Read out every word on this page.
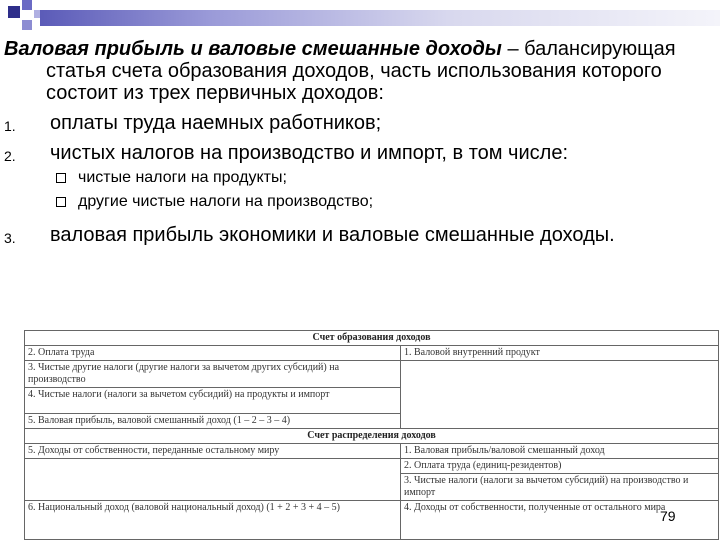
Валовая прибыль и валовые смешанные доходы – балансирующая статья счета образования доходов, часть использования которого состоит из трех первичных доходов:

1. оплаты труда наемных работников;
2. чистых налогов на производство и импорт, в том числе:
чистые налоги на продукты;
другие чистые налоги на производство;
3. валовая прибыль экономики и валовые смешанные доходы.
Счет образования доходов	
2. Оплата труда	1. Валовой внутренний продукт
3. Чистые другие налоги (другие налоги за вычетом других субсидий) на производство	
4. Чистые налоги (налоги за вычетом субсидий) на продукты и импорт	
5. Валовая прибыль, валовой смешанный доход (1 – 2 – 3 – 4)	
Счет распределения доходов	
5. Доходы от собственности, переданные остальному миру	1. Валовая прибыль/валовой смешанный доход
	2. Оплата труда (единиц-резидентов)
	3. Чистые налоги (налоги за вычетом субсидий) на производство и импорт
6. Национальный доход (валовой национальный доход) (1 + 2 + 3 + 4 – 5)	4. Доходы от собственности, полученные от остального мира
79
